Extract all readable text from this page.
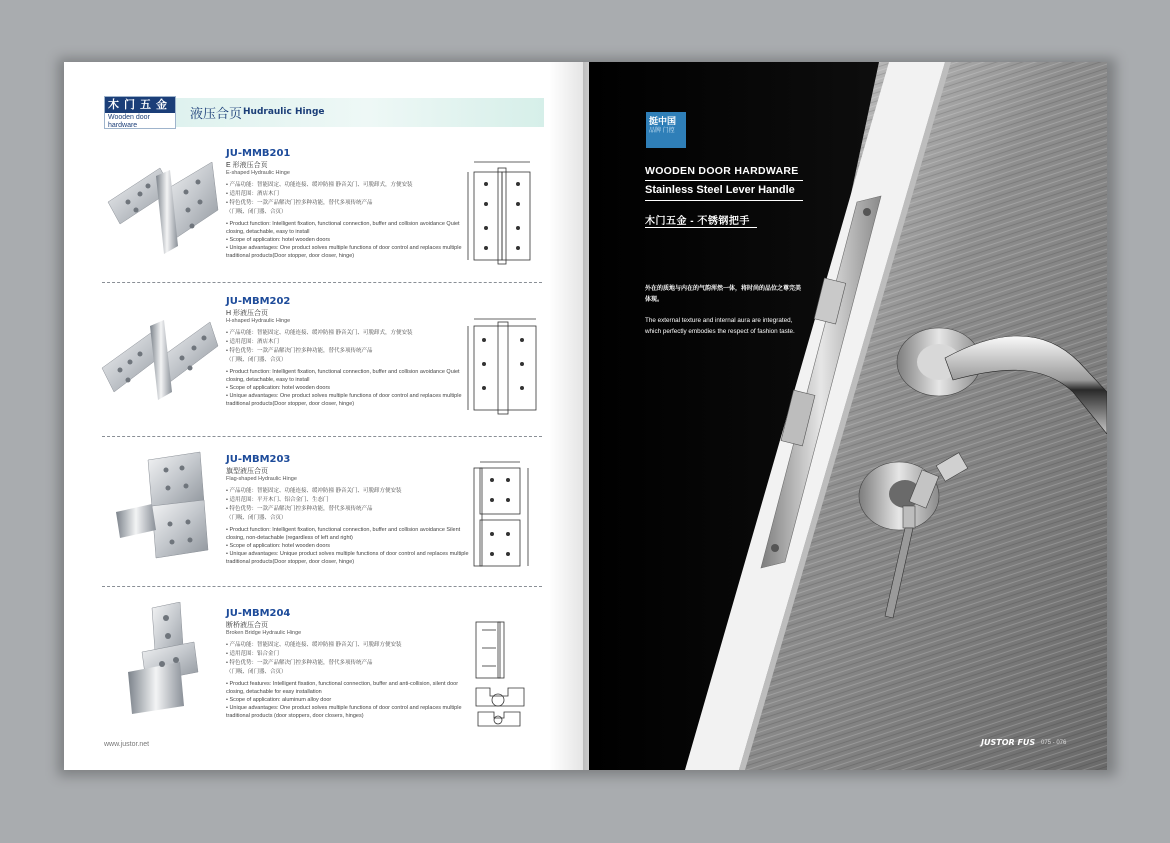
木门五金
Wooden door hardware
液压合页 Hudraulic Hinge
JU-MMB201
E 形液压合页
E-shaped Hydraulic Hinge
• 产品功能：智能固定、功能连接、缓冲防撞 静音关门、可脱卸式，方便安装
• 适用范围：酒店木门
• 特色优势：一款产品解决门控多种功能，替代多项传统产品
（门吸、闭门器、合页）
• Product function: Intelligent fixation, functional connection, buffer and collision avoidance Quiet closing, detachable, easy to install
• Scope of application: hotel wooden doors
• Unique advantages: One product solves multiple functions of door control and replaces multiple traditional products(Door stopper, door closer, hinge)
JU-MBM202
H 形液压合页
H-shaped Hydraulic Hinge
• 产品功能：智能固定、功能连接、缓冲防撞 静音关门、可脱卸式，方便安装
• 适用范围：酒店木门
• 特色优势：一款产品解决门控多种功能，替代多项传统产品
（门吸、闭门器、合页）
• Product function: Intelligent fixation, functional connection, buffer and collision avoidance Quiet closing, detachable, easy to install
• Scope of application: hotel wooden doors
• Unique advantages: One product solves multiple functions of door control and replaces multiple traditional products(Door stopper, door closer, hinge)
JU-MBM203
旗型液压合页
Flag-shaped Hydraulic Hinge
• 产品功能：智能固定、功能连接、缓冲防撞 静音关门、可脱卸方便安装
• 适用范围：平开木门、铝合金门、生态门
• 特色优势：一款产品解决门控多种功能，替代多项传统产品
（门吸、闭门器、合页）
• Product function: Intelligent fixation, functional connection, buffer and collision avoidance Silent closing, non-detachable (regardless of left and right)
• Scope of application: hotel wooden doors
• Unique advantages: Unique product solves multiple functions of door control and replaces multiple traditional products(Door stopper, door closer, hinge)
JU-MBM204
断桥液压合页
Broken Bridge Hydraulic Hinge
• 产品功能：智能固定、功能连接、缓冲防撞 静音关门、可脱卸方便安装
• 适用范围：铝合金门
• 特色优势：一款产品解决门控多种功能，替代多项传统产品
（门吸、闭门器、合页）
• Product features: Intelligent fixation, functional connection, buffer and anti-collision, silent door closing, detachable for easy installation
• Scope of application: aluminum alloy door
• Unique advantages: One product solves multiple functions of door control and replaces multiple traditional products (door stoppers, door closers, hinges)
www.justor.net
挺中国
品牌 门控
WOODEN DOOR HARDWARE
Stainless Steel Lever Handle
木门五金 - 不锈钢把手
外在的质地与内在的气韵浑然一体，将时尚的品位之尊完美体现。
The external texture and internal aura are integrated, which perfectly embodies the respect of fashion taste.
JUSTOR FUS 075 - 076
